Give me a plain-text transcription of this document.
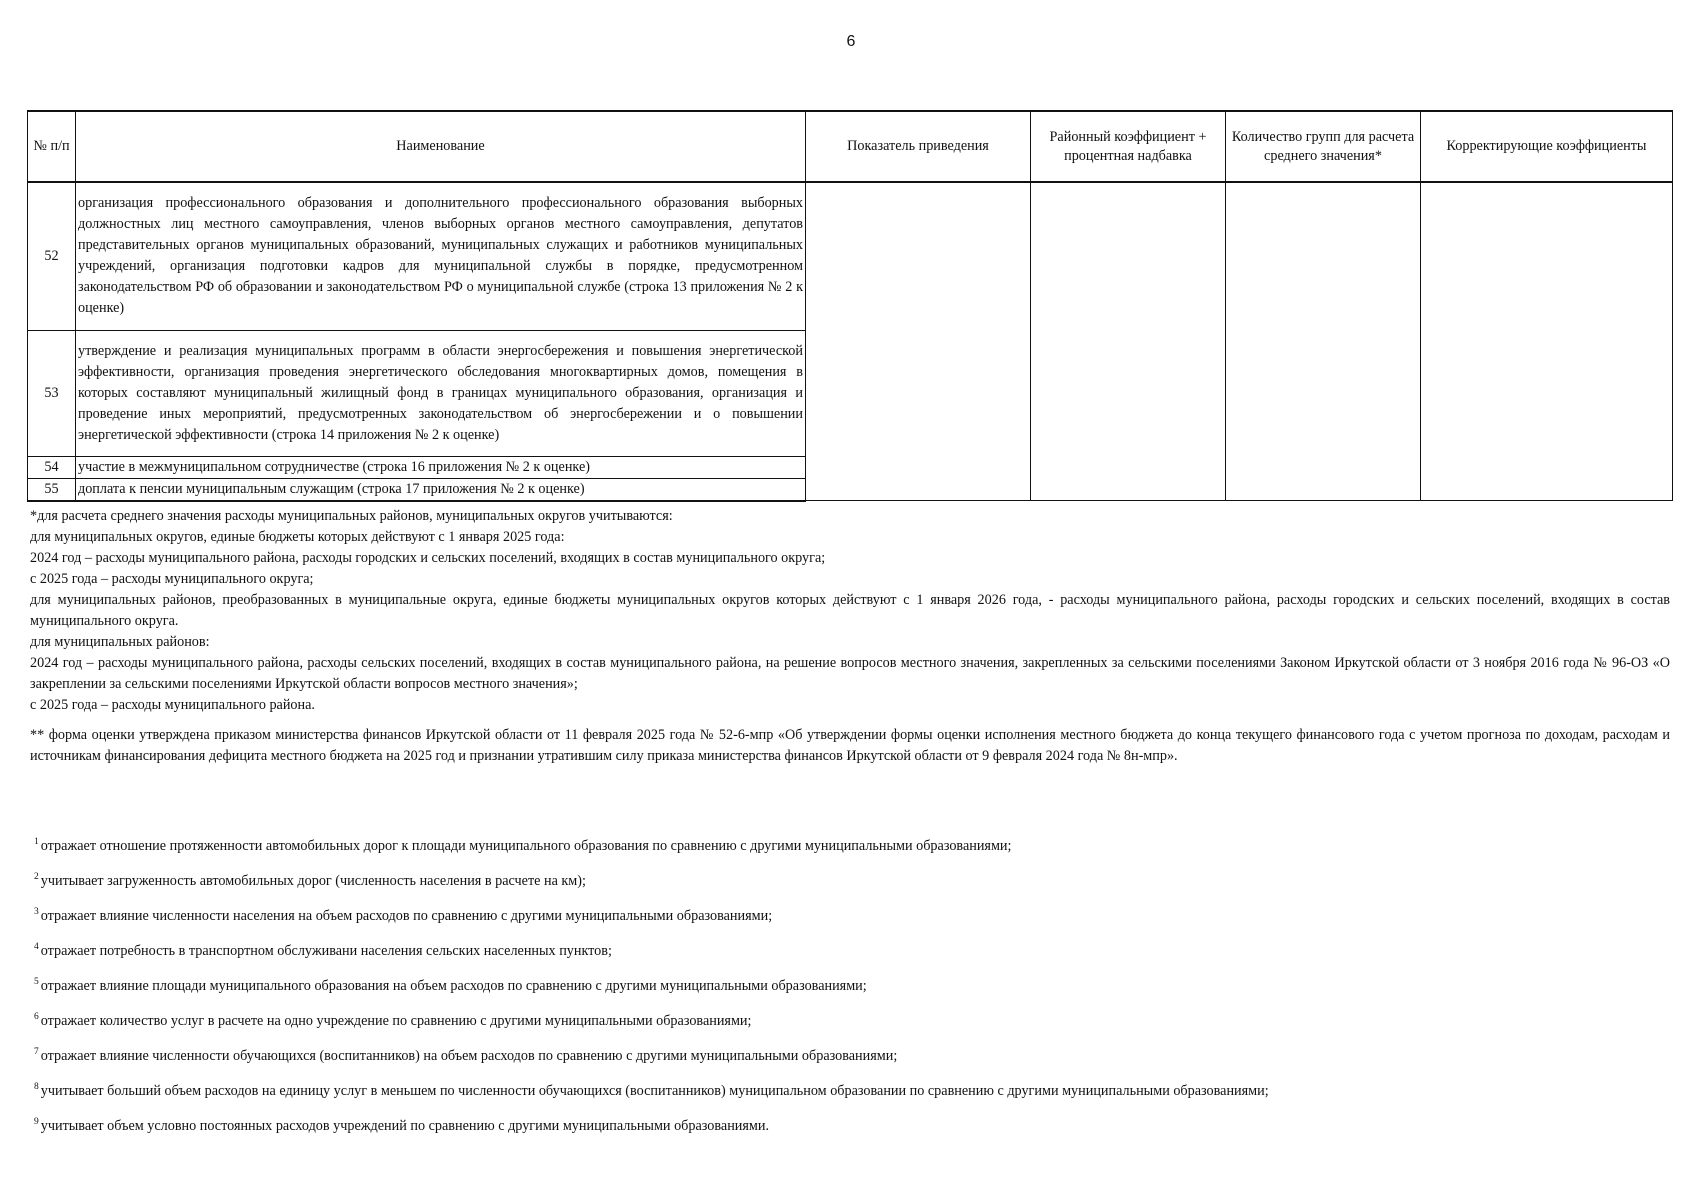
6
№ п/п	Наименование	Показатель приведения	Районный коэффициент + процентная надбавка	Количество групп для расчета среднего значения*	Корректирующие коэффициенты
52	организация профессионального образования и дополнительного профессионального образования выборных должностных лиц местного самоуправления, членов выборных органов местного самоуправления, депутатов представительных органов муниципальных образований, муниципальных служащих и работников муниципальных учреждений, организация подготовки кадров для муниципальной службы в порядке, предусмотренном законодательством РФ об образовании и законодательством РФ о муниципальной службе (строка 13 приложения № 2 к оценке)				
53	утверждение и реализация муниципальных программ в области энергосбережения и повышения энергетической эффективности, организация проведения энергетического обследования многоквартирных домов, помещения в которых составляют муниципальный жилищный фонд в границах муниципального образования, организация и проведение иных мероприятий, предусмотренных законодательством об энергосбережении и о повышении энергетической эффективности (строка 14 приложения № 2 к оценке)				
54	участие в межмуниципальном сотрудничестве (строка 16 приложения № 2 к оценке)				
55	доплата к пенсии муниципальным служащим (строка 17 приложения № 2 к оценке)				

*для расчета среднего значения расходы муниципальных районов, муниципальных округов учитываются:

для муниципальных округов, единые бюджеты которых действуют с 1 января 2025 года:

2024 год – расходы муниципального района, расходы городских и сельских поселений, входящих в состав муниципального округа;

с 2025 года – расходы муниципального округа;

для муниципальных районов, преобразованных в муниципальные округа, единые бюджеты муниципальных округов которых действуют с 1 января 2026 года, - расходы муниципального района, расходы городских и сельских поселений, входящих в состав муниципального округа.

для муниципальных районов:

2024 год – расходы муниципального района, расходы сельских поселений, входящих в состав муниципального района, на решение вопросов местного значения, закрепленных за сельскими поселениями Законом Иркутской области от 3 ноября 2016 года № 96-ОЗ «О закреплении за сельскими поселениями Иркутской области вопросов местного значения»;

с 2025 года – расходы муниципального района.

** форма оценки утверждена приказом министерства финансов Иркутской области от 11 февраля 2025 года № 52-6-мпр «Об утверждении формы оценки исполнения местного бюджета до конца текущего финансового года с учетом прогноза по доходам, расходам и источникам финансирования дефицита местного бюджета на 2025 год и признании утратившим силу приказа министерства финансов Иркутской области от 9 февраля 2024 года № 8н-мпр».

$^1$ отражает отношение протяженности автомобильных дорог к площади муниципального образования по сравнению с другими муниципальными образованиями;

$^2$ учитывает загруженность автомобильных дорог (численность населения в расчете на км);

$^3$ отражает влияние численности населения на объем расходов по сравнению с другими муниципальными образованиями;

$^4$ отражает потребность в транспортном обслуживани населения сельских населенных пунктов;

$^5$ отражает влияние площади муниципального образования на объем расходов по сравнению с другими муниципальными образованиями;

$^6$ отражает количество услуг в расчете на одно учреждение по сравнению с другими муниципальными образованиями;

$^7$ отражает влияние численности обучающихся (воспитанников) на объем расходов по сравнению с другими муниципальными образованиями;

$^8$ учитывает больший объем расходов на единицу услуг в меньшем по численности обучающихся (воспитанников) муниципальном образовании по сравнению с другими муниципальными образованиями;

$^9$ учитывает объем условно постоянных расходов учреждений по сравнению с другими муниципальными образованиями.
